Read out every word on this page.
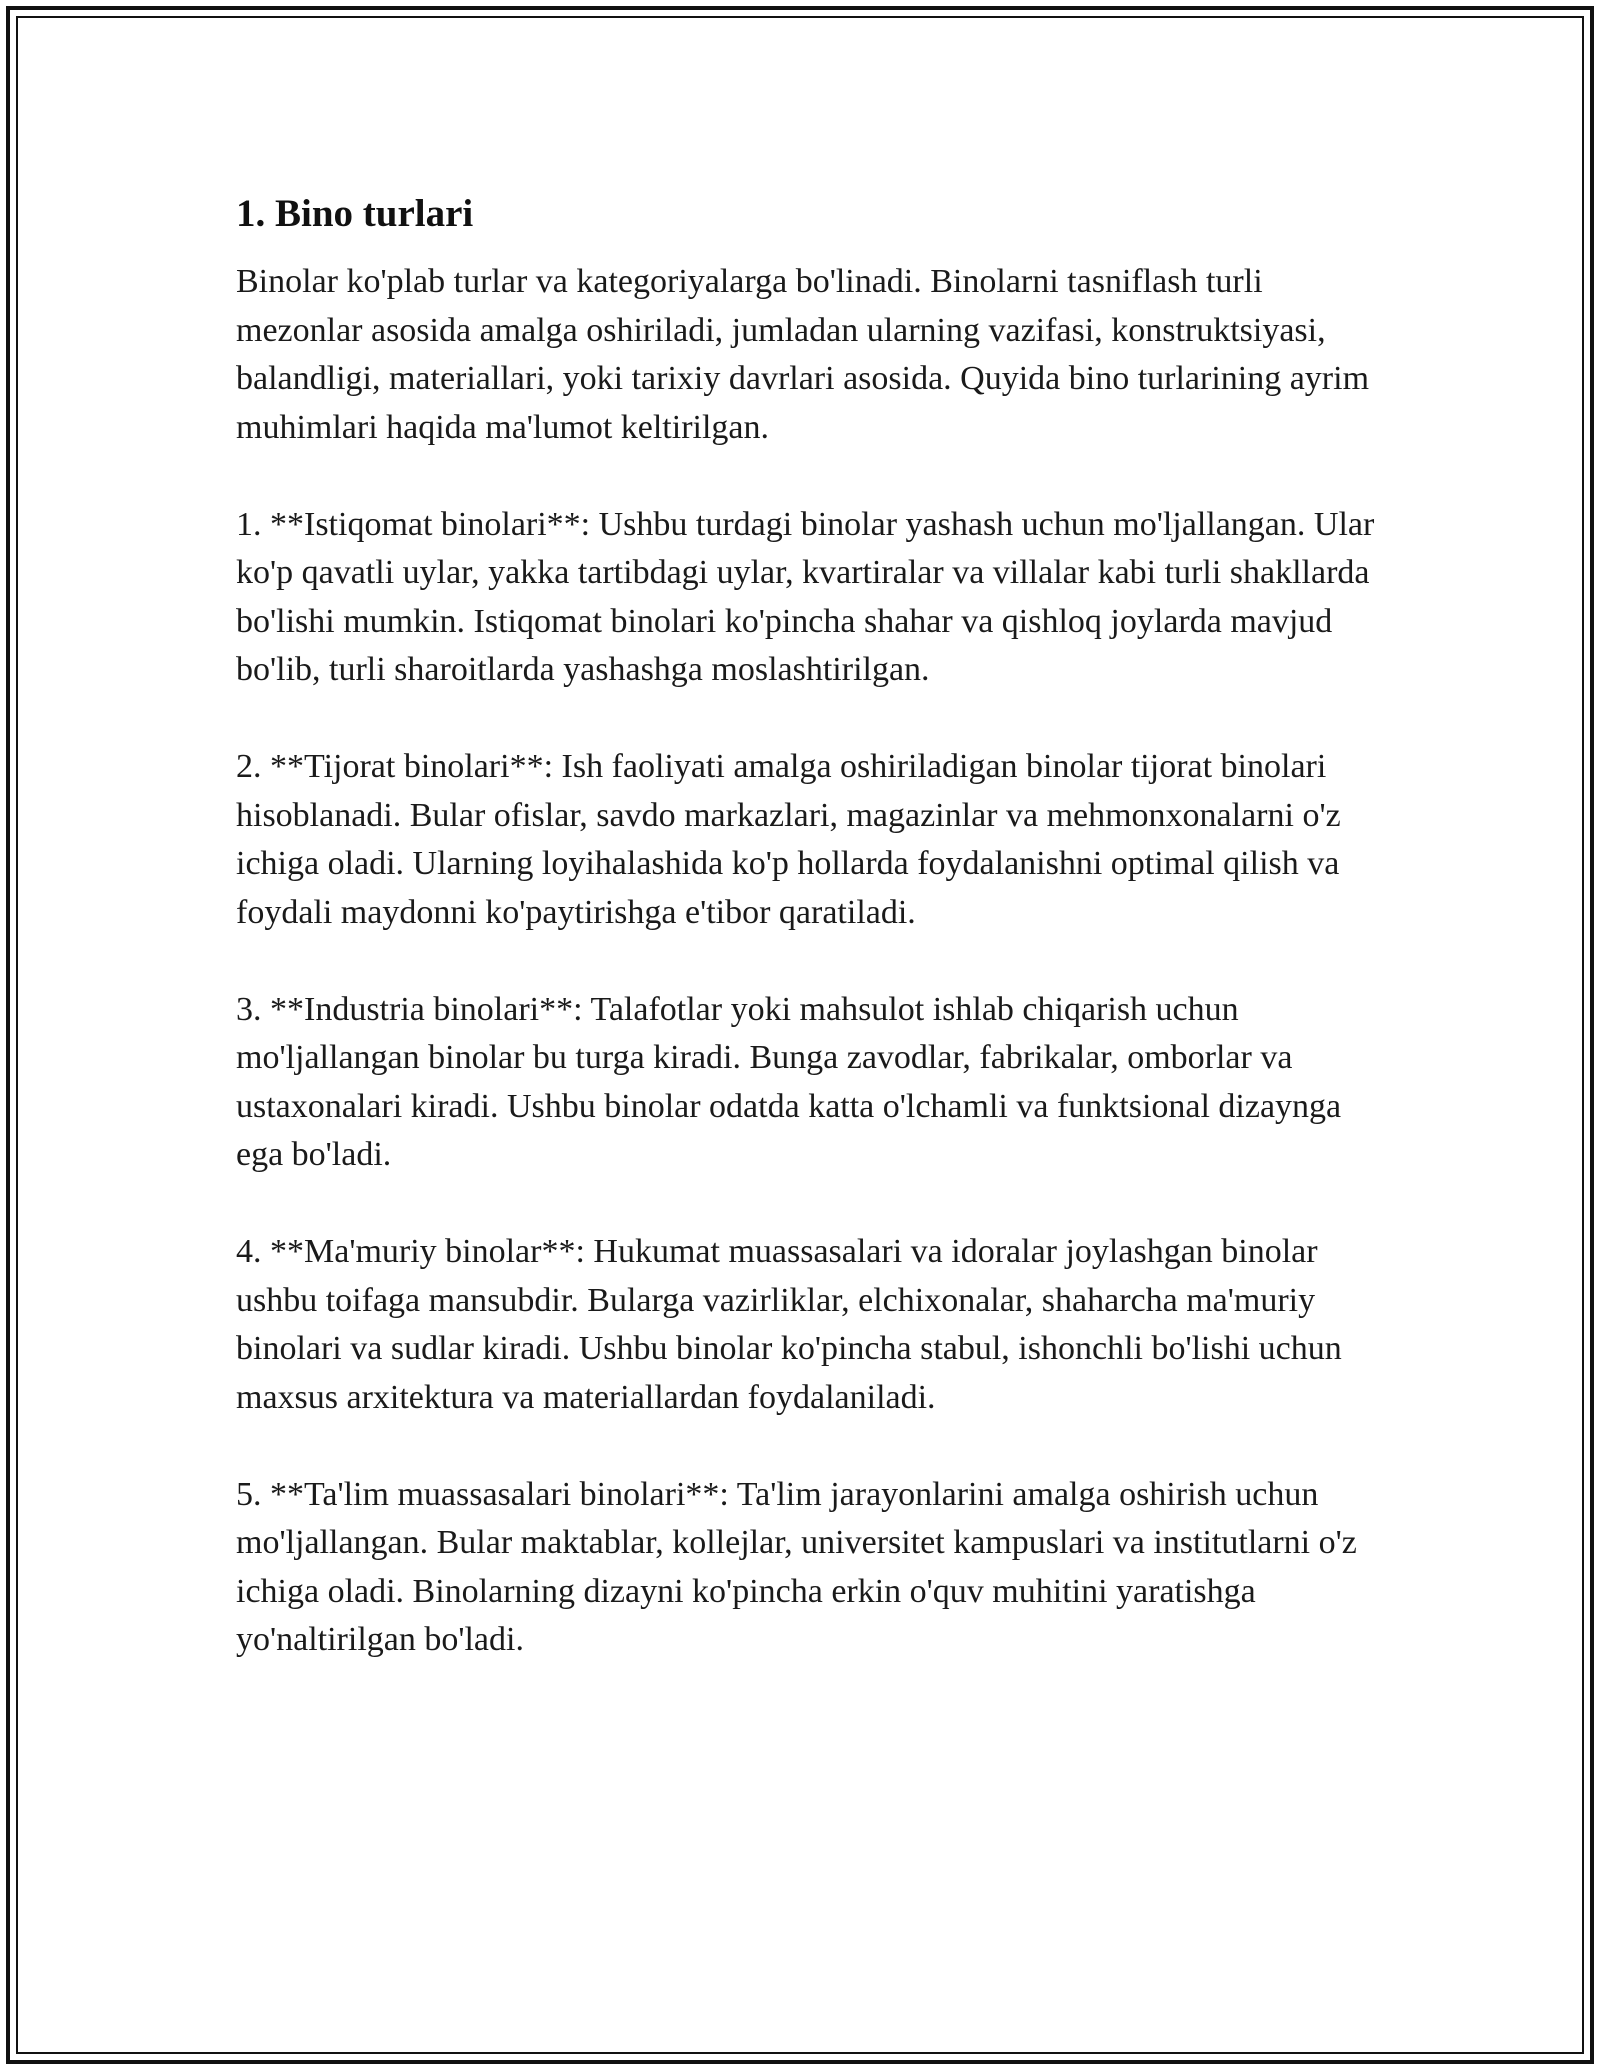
1. Bino turlari

Binolar ko'plab turlar va kategoriyalarga bo'linadi. Binolarni tasniflash turli mezonlar asosida amalga oshiriladi, jumladan ularning vazifasi, konstruktsiyasi, balandligi, materiallari, yoki tarixiy davrlari asosida. Quyida bino turlarining ayrim muhimlari haqida ma'lumot keltirilgan.

1. **Istiqomat binolari**: Ushbu turdagi binolar yashash uchun mo'ljallangan. Ular ko'p qavatli uylar, yakka tartibdagi uylar, kvartiralar va villalar kabi turli shakllarda bo'lishi mumkin. Istiqomat binolari ko'pincha shahar va qishloq joylarda mavjud bo'lib, turli sharoitlarda yashashga moslashtirilgan.

2. **Tijorat binolari**: Ish faoliyati amalga oshiriladigan binolar tijorat binolari hisoblanadi. Bular ofislar, savdo markazlari, magazinlar va mehmonxonalarni o'z ichiga oladi. Ularning loyihalashida ko'p hollarda foydalanishni optimal qilish va foydali maydonni ko'paytirishga e'tibor qaratiladi.

3. **Industria binolari**: Talafotlar yoki mahsulot ishlab chiqarish uchun mo'ljallangan binolar bu turga kiradi. Bunga zavodlar, fabrikalar, omborlar va ustaxonalari kiradi. Ushbu binolar odatda katta o'lchamli va funktsional dizaynga ega bo'ladi.

4. **Ma'muriy binolar**: Hukumat muassasalari va idoralar joylashgan binolar ushbu toifaga mansubdir. Bularga vazirliklar, elchixonalar, shaharcha ma'muriy binolari va sudlar kiradi. Ushbu binolar ko'pincha stabul, ishonchli bo'lishi uchun maxsus arxitektura va materiallardan foydalaniladi.

5. **Ta'lim muassasalari binolari**: Ta'lim jarayonlarini amalga oshirish uchun mo'ljallangan. Bular maktablar, kollejlar, universitet kampuslari va institutlarni o'z ichiga oladi. Binolarning dizayni ko'pincha erkin o'quv muhitini yaratishga yo'naltirilgan bo'ladi.
